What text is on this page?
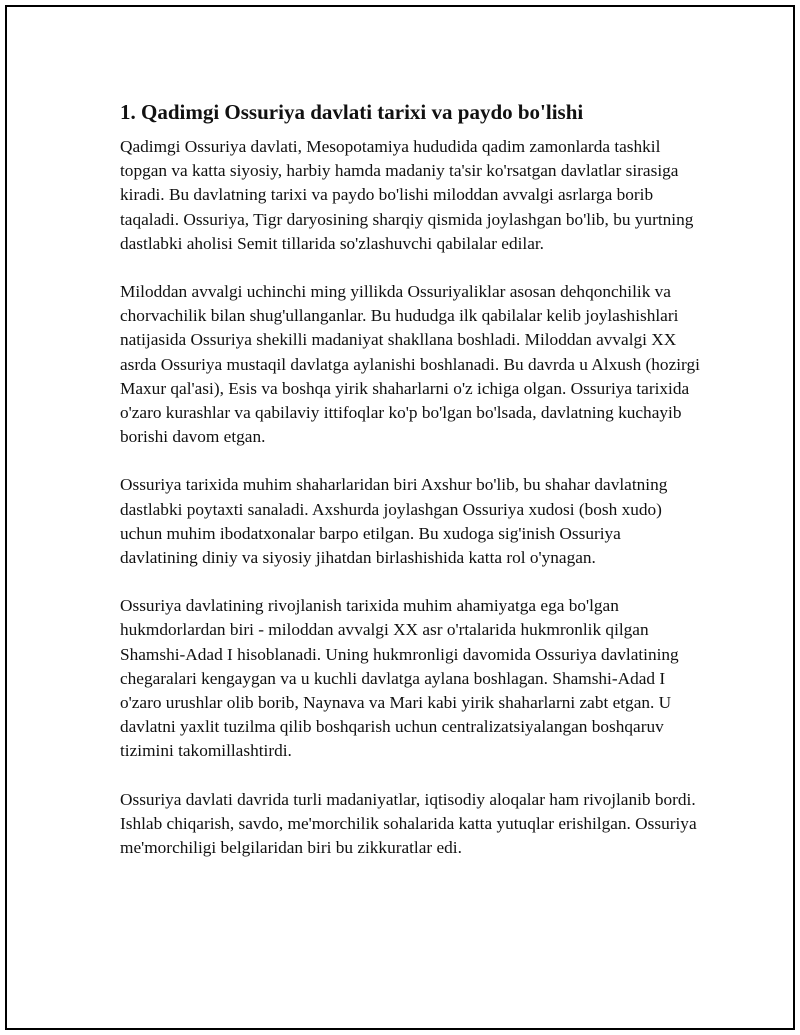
1. Qadimgi Ossuriya davlati tarixi va paydo bo'lishi

Qadimgi Ossuriya davlati, Mesopotamiya hududida qadim zamonlarda tashkil topgan va katta siyosiy, harbiy hamda madaniy ta'sir ko'rsatgan davlatlar sirasiga kiradi. Bu davlatning tarixi va paydo bo'lishi miloddan avvalgi asrlarga borib taqaladi. Ossuriya, Tigr daryosining sharqiy qismida joylashgan bo'lib, bu yurtning dastlabki aholisi Semit tillarida so'zlashuvchi qabilalar edilar.

Miloddan avvalgi uchinchi ming yillikda Ossuriyaliklar asosan dehqonchilik va chorvachilik bilan shug'ullanganlar. Bu hududga ilk qabilalar kelib joylashishlari natijasida Ossuriya shekilli madaniyat shakllana boshladi. Miloddan avvalgi XX asrda Ossuriya mustaqil davlatga aylanishi boshlanadi. Bu davrda u Alxush (hozirgi Maxur qal'asi), Esis va boshqa yirik shaharlarni o'z ichiga olgan. Ossuriya tarixida o'zaro kurashlar va qabilaviy ittifoqlar ko'p bo'lgan bo'lsada, davlatning kuchayib borishi davom etgan.

Ossuriya tarixida muhim shaharlaridan biri Axshur bo'lib, bu shahar davlatning dastlabki poytaxti sanaladi. Axshurda joylashgan Ossuriya xudosi (bosh xudo) uchun muhim ibodatxonalar barpo etilgan. Bu xudoga sig'inish Ossuriya davlatining diniy va siyosiy jihatdan birlashishida katta rol o'ynagan.

Ossuriya davlatining rivojlanish tarixida muhim ahamiyatga ega bo'lgan hukmdorlardan biri - miloddan avvalgi XX asr o'rtalarida hukmronlik qilgan Shamshi-Adad I hisoblanadi. Uning hukmronligi davomida Ossuriya davlatining chegaralari kengaygan va u kuchli davlatga aylana boshlagan. Shamshi-Adad I o'zaro urushlar olib borib, Naynava va Mari kabi yirik shaharlarni zabt etgan. U davlatni yaxlit tuzilma qilib boshqarish uchun centralizatsiyalangan boshqaruv tizimini takomillashtirdi.

Ossuriya davlati davrida turli madaniyatlar, iqtisodiy aloqalar ham rivojlanib bordi. Ishlab chiqarish, savdo, me'morchilik sohalarida katta yutuqlar erishilgan. Ossuriya me'morchiligi belgilaridan biri bu zikkuratlar edi.
